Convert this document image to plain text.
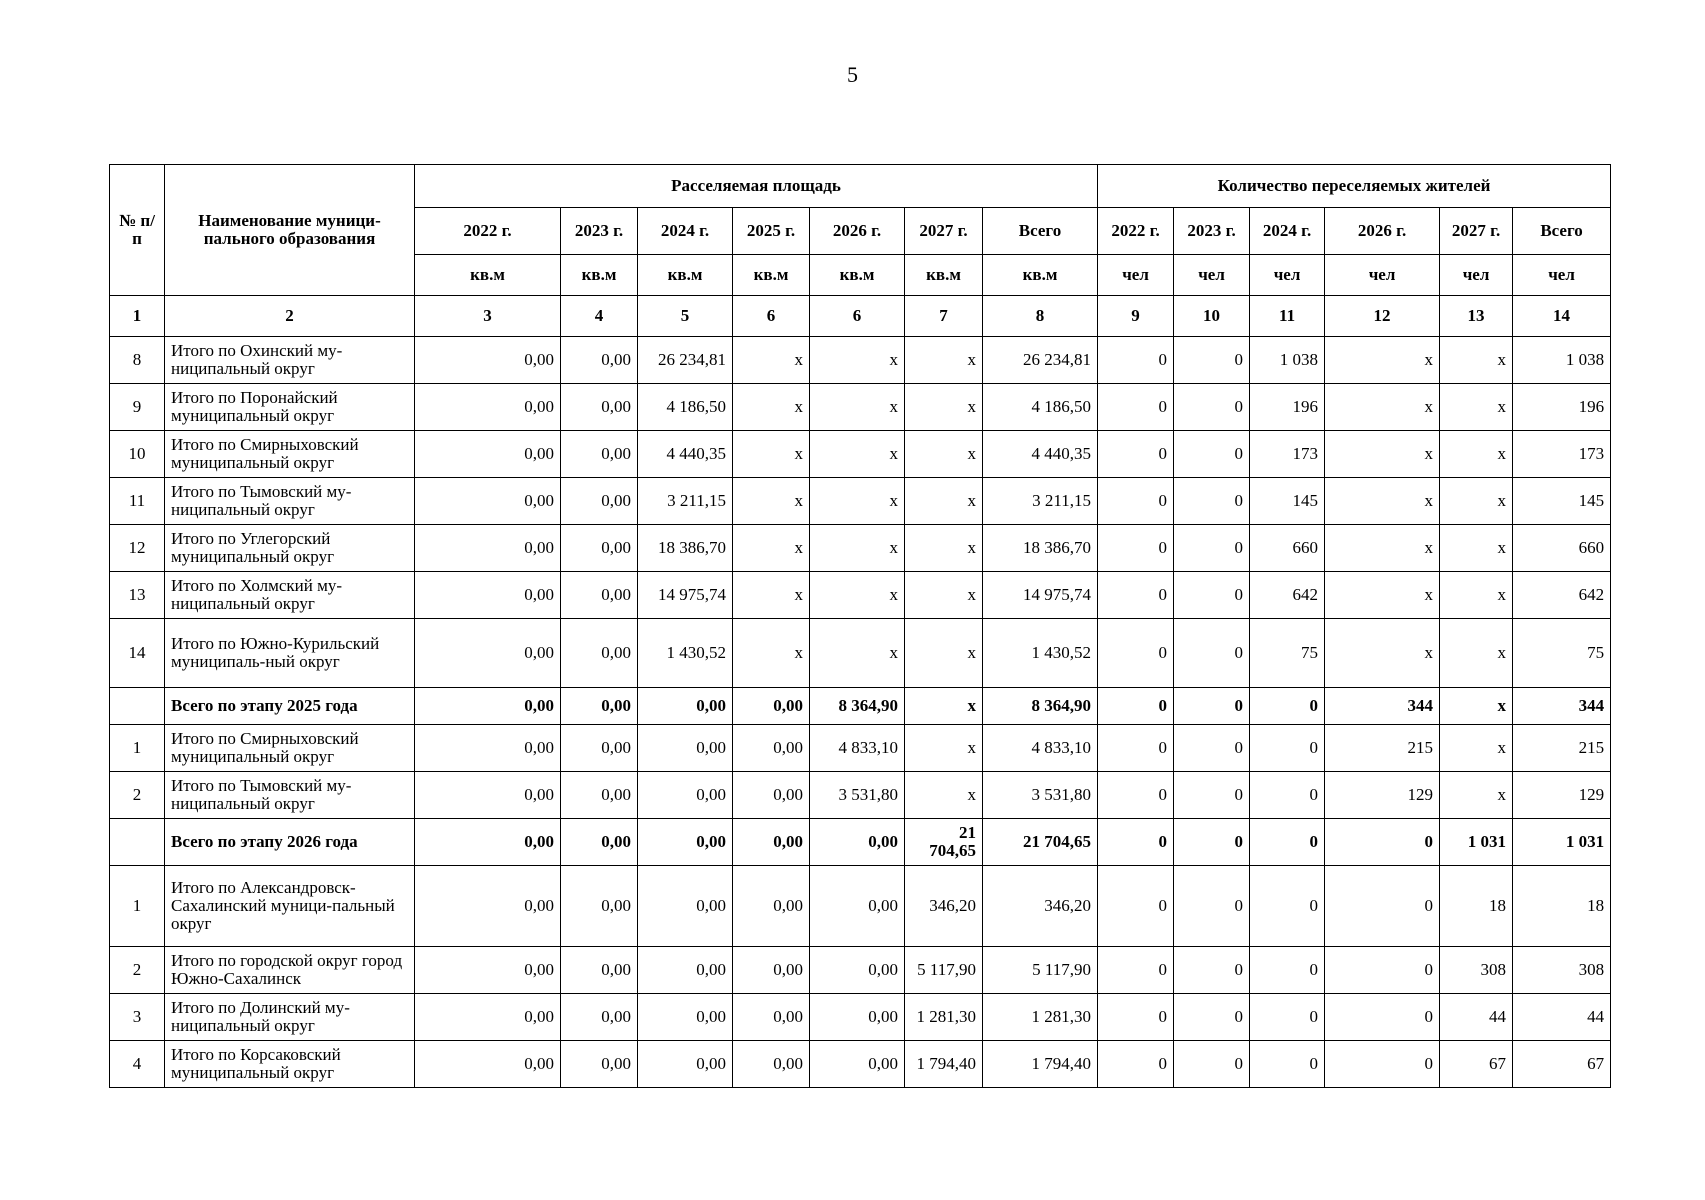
5
№ п/п	Наименование муници-пального образования	Расселяемая площадь							Количество переселяемых жителей					
		2022 г.	2023 г.	2024 г.	2025 г.	2026 г.	2027 г.	Всего	2022 г.	2023 г.	2024 г.	2026 г.	2027 г.	Всего
		кв.м	кв.м	кв.м	кв.м	кв.м	кв.м	кв.м	чел	чел	чел	чел	чел	чел
1	2	3	4	5	6	6	7	8	9	10	11	12	13	14
8	Итого по Охинский му-ниципальный округ	0,00	0,00	26 234,81	x	x	x	26 234,81	0	0	1 038	x	x	1 038
9	Итого по Поронайский муниципальный округ	0,00	0,00	4 186,50	x	x	x	4 186,50	0	0	196	x	x	196
10	Итого по Смирныховский муниципальный округ	0,00	0,00	4 440,35	x	x	x	4 440,35	0	0	173	x	x	173
11	Итого по Тымовский му-ниципальный округ	0,00	0,00	3 211,15	x	x	x	3 211,15	0	0	145	x	x	145
12	Итого по Углегорский муниципальный округ	0,00	0,00	18 386,70	x	x	x	18 386,70	0	0	660	x	x	660
13	Итого по Холмский му-ниципальный округ	0,00	0,00	14 975,74	x	x	x	14 975,74	0	0	642	x	x	642
14	Итого по Южно-Курильский муниципаль-ный округ	0,00	0,00	1 430,52	x	x	x	1 430,52	0	0	75	x	x	75
	Всего по этапу 2025 года	0,00	0,00	0,00	0,00	8 364,90	x	8 364,90	0	0	0	344	x	344
1	Итого по Смирныховский муниципальный округ	0,00	0,00	0,00	0,00	4 833,10	x	4 833,10	0	0	0	215	x	215
2	Итого по Тымовский му-ниципальный округ	0,00	0,00	0,00	0,00	3 531,80	x	3 531,80	0	0	0	129	x	129
	Всего по этапу 2026 года	0,00	0,00	0,00	0,00	0,00	21 704,65	21 704,65	0	0	0	0	1 031	1 031
1	Итого по Александровск-Сахалинский муници-пальный округ	0,00	0,00	0,00	0,00	0,00	346,20	346,20	0	0	0	0	18	18
2	Итого по городской округ город Южно-Сахалинск	0,00	0,00	0,00	0,00	0,00	5 117,90	5 117,90	0	0	0	0	308	308
3	Итого по Долинский му-ниципальный округ	0,00	0,00	0,00	0,00	0,00	1 281,30	1 281,30	0	0	0	0	44	44
4	Итого по Корсаковский муниципальный округ	0,00	0,00	0,00	0,00	0,00	1 794,40	1 794,40	0	0	0	0	67	67
